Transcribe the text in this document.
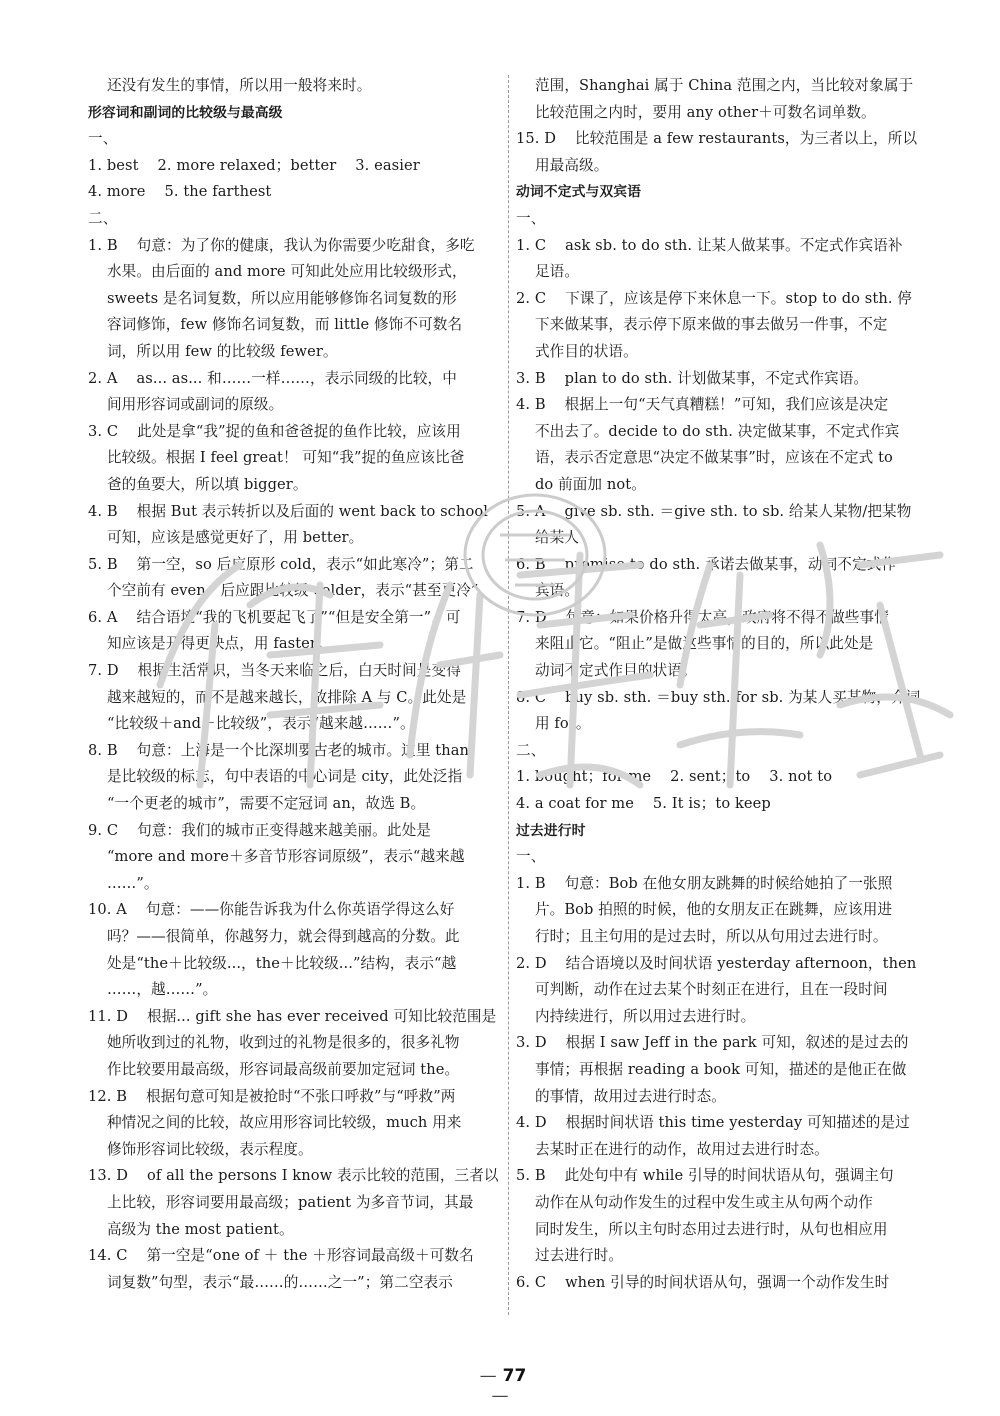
还没有发生的事情，所以用一般将来时。
形容词和副词的比较级与最高级
一、
1. best    2. more relaxed；better    3. easier
4. more    5. the farthest
二、
1. B    句意：为了你的健康，我认为你需要少吃甜食，多吃
水果。由后面的 and more 可知此处应用比较级形式，
sweets 是名词复数，所以应用能够修饰名词复数的形
容词修饰，few 修饰名词复数，而 little 修饰不可数名
词，所以用 few 的比较级 fewer。
2. A    as... as... 和……一样……，表示同级的比较，中
间用形容词或副词的原级。
3. C    此处是拿“我”捉的鱼和爸爸捉的鱼作比较，应该用
比较级。根据 I feel great！ 可知“我”捉的鱼应该比爸
爸的鱼要大，所以填 bigger。
4. B    根据 But 表示转折以及后面的 went back to school
可知，应该是感觉更好了，用 better。
5. B    第一空，so 后应原形 cold，表示“如此寒冷”；第二
个空前有 even，后应跟比较级 colder，表示“甚至更冷”。
6. A    结合语境“我的飞机要起飞了”“但是安全第一”，可
知应该是开得更快点，用 faster。
7. D    根据生活常识，当冬天来临之后，白天时间是变得
越来越短的，而不是越来越长，故排除 A 与 C。此处是
“比较级＋and＋比较级”，表示“越来越……”。
8. B    句意：上海是一个比深圳要古老的城市。这里 than
是比较级的标志，句中表语的中心词是 city，此处泛指
“一个更老的城市”，需要不定冠词 an，故选 B。
9. C    句意：我们的城市正变得越来越美丽。此处是
“more and more＋多音节形容词原级”，表示“越来越
……”。
10. A    句意：——你能告诉我为什么你英语学得这么好
吗？——很简单，你越努力，就会得到越高的分数。此
处是“the＋比较级...，the＋比较级...”结构，表示“越
……，越……”。
11. D    根据... gift she has ever received 可知比较范围是
她所收到过的礼物，收到过的礼物是很多的，很多礼物
作比较要用最高级，形容词最高级前要加定冠词 the。
12. B    根据句意可知是被抢时“不张口呼救”与“呼救”两
种情况之间的比较，故应用形容词比较级，much 用来
修饰形容词比较级，表示程度。
13. D    of all the persons I know 表示比较的范围，三者以
上比较，形容词要用最高级；patient 为多音节词，其最
高级为 the most patient。
14. C    第一空是“one of ＋ the ＋形容词最高级＋可数名
词复数”句型，表示“最……的……之一”；第二空表示
范围，Shanghai 属于 China 范围之内，当比较对象属于
比较范围之内时，要用 any other＋可数名词单数。
15. D    比较范围是 a few restaurants，为三者以上，所以
用最高级。
动词不定式与双宾语
一、
1. C    ask sb. to do sth. 让某人做某事。不定式作宾语补
足语。
2. C    下课了，应该是停下来休息一下。stop to do sth. 停
下来做某事，表示停下原来做的事去做另一件事，不定
式作目的状语。
3. B    plan to do sth. 计划做某事，不定式作宾语。
4. B    根据上一句“天气真糟糕！”可知，我们应该是决定
不出去了。decide to do sth. 决定做某事，不定式作宾
语，表示否定意思“决定不做某事”时，应该在不定式 to
do 前面加 not。
5. A    give sb. sth. ＝give sth. to sb. 给某人某物/把某物
给某人
6. B    promise to do sth. 承诺去做某事，动词不定式作
宾语。
7. D    句意：如果价格升得太高，政府将不得不做些事情
来阻止它。“阻止”是做这些事情的目的，所以此处是
动词不定式作目的状语。
8. C    buy sb. sth. ＝buy sth. for sb. 为某人买某物，介词
用 for。
二、
1. bought；for me    2. sent；to    3. not to
4. a coat for me    5. It is；to keep
过去进行时
一、
1. B    句意：Bob 在他女朋友跳舞的时候给她拍了一张照
片。Bob 拍照的时候，他的女朋友正在跳舞，应该用进
行时；且主句用的是过去时，所以从句用过去进行时。
2. D    结合语境以及时间状语 yesterday afternoon，then
可判断，动作在过去某个时刻正在进行，且在一段时间
内持续进行，所以用过去进行时。
3. D    根据 I saw Jeff in the park 可知，叙述的是过去的
事情；再根据 reading a book 可知，描述的是他正在做
的事情，故用过去进行时态。
4. D    根据时间状语 this time yesterday 可知描述的是过
去某时正在进行的动作，故用过去进行时态。
5. B    此处句中有 while 引导的时间状语从句，强调主句
动作在从句动作发生的过程中发生或主从句两个动作
同时发生，所以主句时态用过去进行时，从句也相应用
过去进行时。
6. C    when 引导的时间状语从句，强调一个动作发生时
— 77—
